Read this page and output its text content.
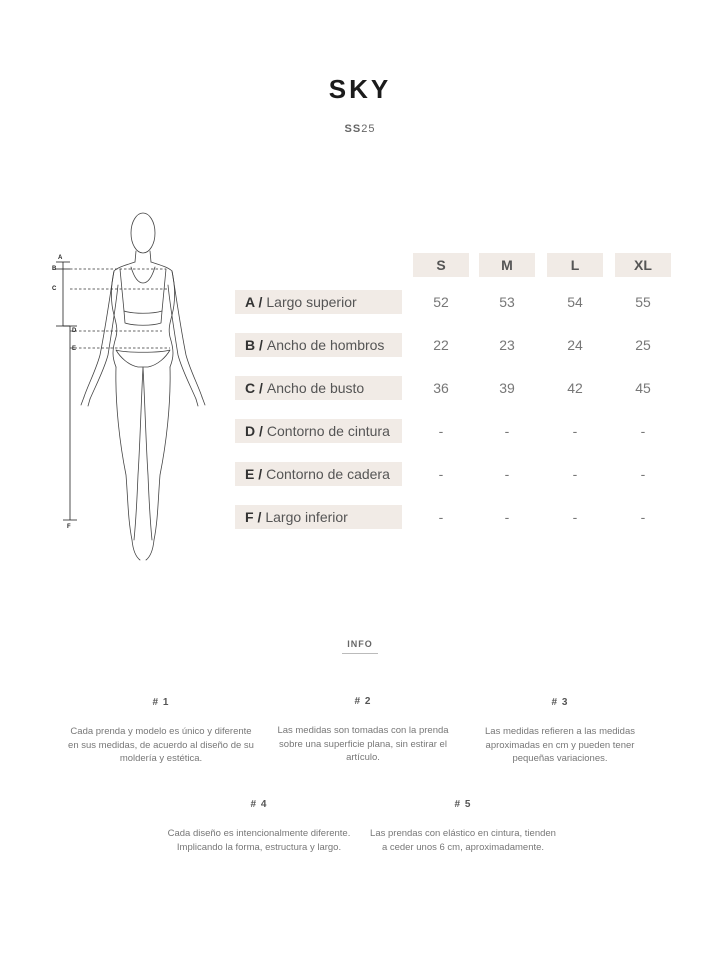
SKY
SS25
A
B
C
D
E
F
S	M	L	XL
A / Largo superior	52	53	54	55
B / Ancho de hombros	22	23	24	25
C / Ancho de busto	36	39	42	45
D / Contorno de cintura	-	-	-	-
E / Contorno de cadera	-	-	-	-
F / Largo inferior	-	-	-	-
INFO
# 1
Cada prenda y modelo es único y diferente en sus medidas, de acuerdo al diseño de su moldería y estética.
# 2
Las medidas son tomadas con la prenda sobre una superficie plana, sin estirar el artículo.
# 3
Las medidas refieren a las medidas aproximadas en cm y pueden tener pequeñas variaciones.
# 4
Cada diseño es intencionalmente diferente. Implicando la forma, estructura y largo.
# 5
Las prendas con elástico en cintura, tienden a ceder unos 6 cm, aproximadamente.
